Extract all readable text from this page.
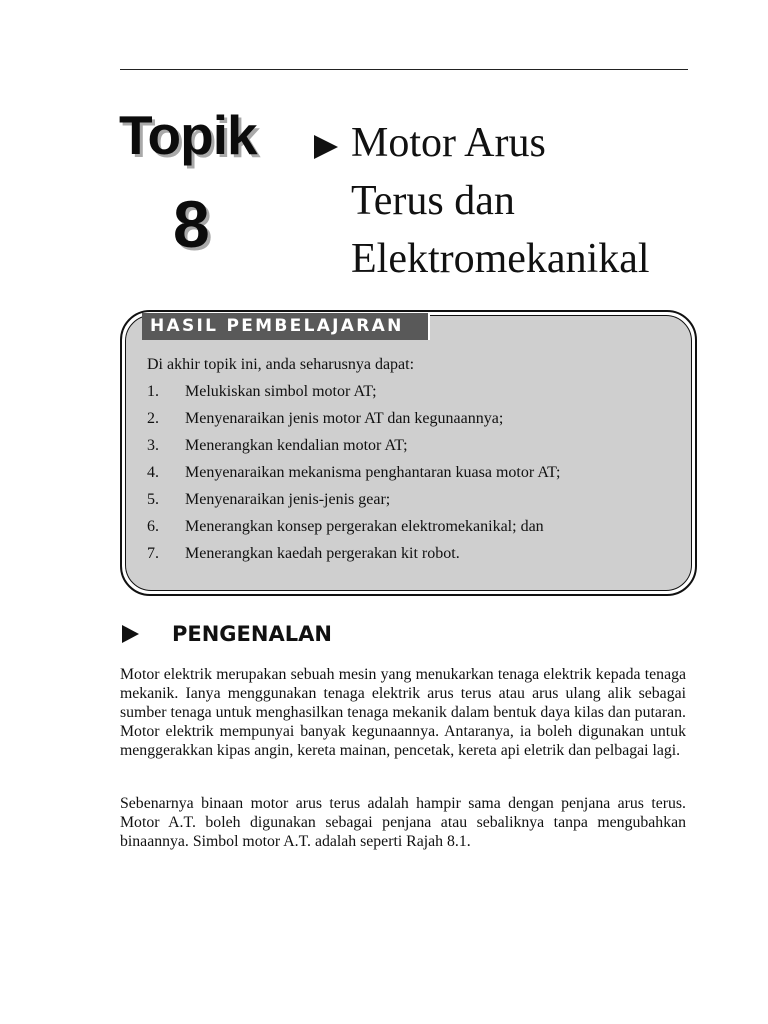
Topik
8
Motor Arus
Terus dan
Elektromekanikal
HASIL PEMBELAJARAN
Di akhir topik ini, anda seharusnya dapat:
1.	Melukiskan simbol motor AT;
2.	Menyenaraikan jenis motor AT dan kegunaannya;
3.	Menerangkan kendalian motor AT;
4.	Menyenaraikan mekanisma penghantaran kuasa motor AT;
5.	Menyenaraikan jenis-jenis gear;
6.	Menerangkan konsep pergerakan elektromekanikal; dan
7.	Menerangkan kaedah pergerakan kit robot.
PENGENALAN

Motor elektrik merupakan sebuah mesin yang menukarkan tenaga elektrik kepada tenaga mekanik. Ianya menggunakan tenaga elektrik arus terus atau arus ulang alik sebagai sumber tenaga untuk menghasilkan tenaga mekanik dalam bentuk daya kilas dan putaran. Motor elektrik mempunyai banyak kegunaannya. Antaranya, ia boleh digunakan untuk menggerakkan kipas angin, kereta mainan, pencetak, kereta api eletrik dan pelbagai lagi.

Sebenarnya binaan motor arus terus adalah hampir sama dengan penjana arus terus. Motor A.T. boleh digunakan sebagai penjana atau sebaliknya tanpa mengubahkan binaannya. Simbol motor A.T. adalah seperti Rajah 8.1.
